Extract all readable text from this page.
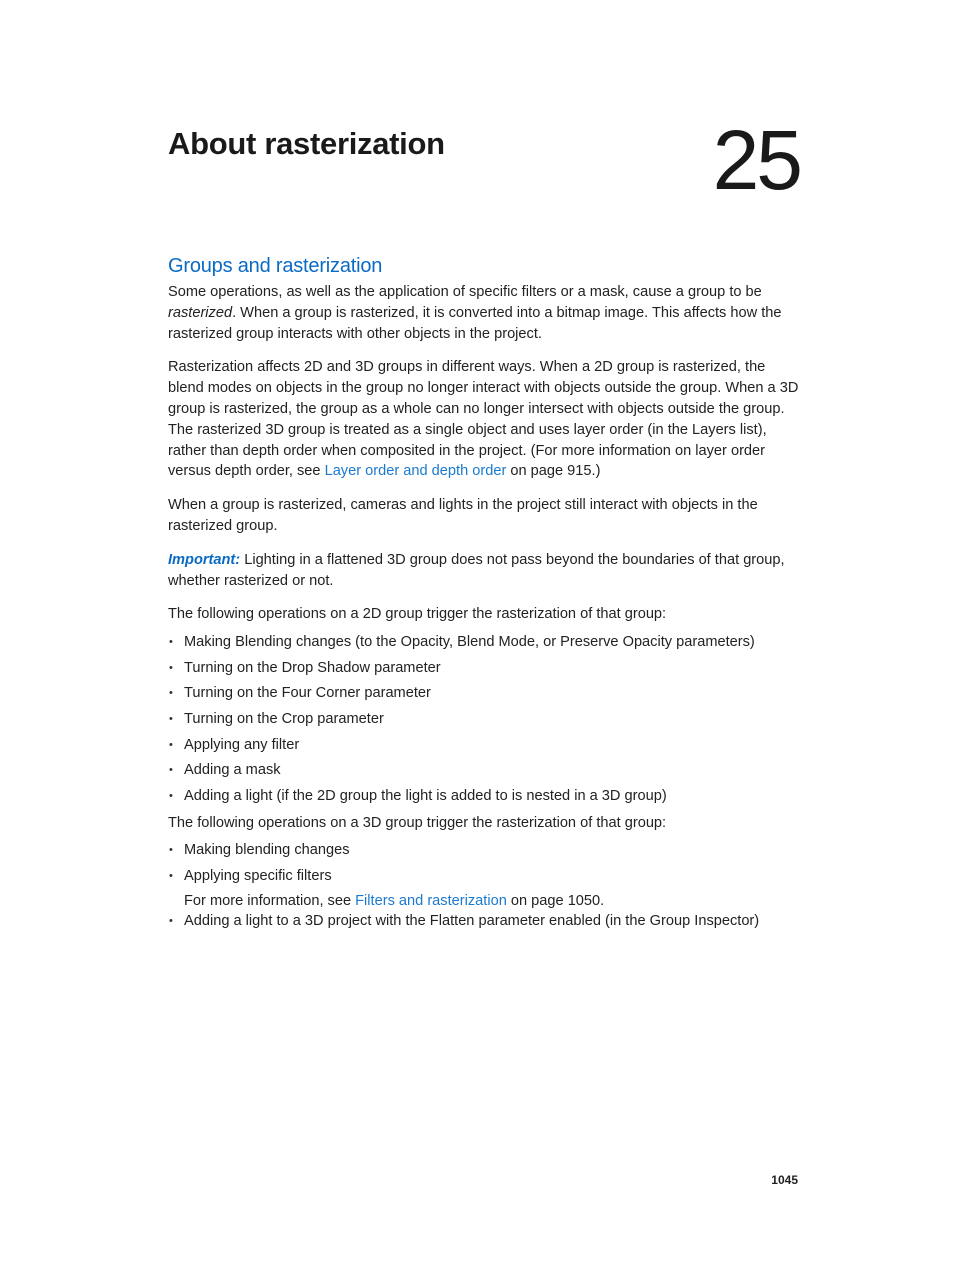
About rasterization	25
Groups and rasterization

Some operations, as well as the application of specific filters or a mask, cause a group to be rasterized. When a group is rasterized, it is converted into a bitmap image. This affects how the rasterized group interacts with other objects in the project.

Rasterization affects 2D and 3D groups in different ways. When a 2D group is rasterized, the blend modes on objects in the group no longer interact with objects outside the group. When a 3D group is rasterized, the group as a whole can no longer intersect with objects outside the group. The rasterized 3D group is treated as a single object and uses layer order (in the Layers list), rather than depth order when composited in the project. (For more information on layer order versus depth order, see Layer order and depth order on page 915.)

When a group is rasterized, cameras and lights in the project still interact with objects in the rasterized group.

Important: Lighting in a flattened 3D group does not pass beyond the boundaries of that group, whether rasterized or not.

The following operations on a 2D group trigger the rasterization of that group:

• Making Blending changes (to the Opacity, Blend Mode, or Preserve Opacity parameters)
• Turning on the Drop Shadow parameter
• Turning on the Four Corner parameter
• Turning on the Crop parameter
• Applying any filter
• Adding a mask
• Adding a light (if the 2D group the light is added to is nested in a 3D group)

The following operations on a 3D group trigger the rasterization of that group:

• Making blending changes
• Applying specific filters
For more information, see Filters and rasterization on page 1050.
• Adding a light to a 3D project with the Flatten parameter enabled (in the Group Inspector)
1045
